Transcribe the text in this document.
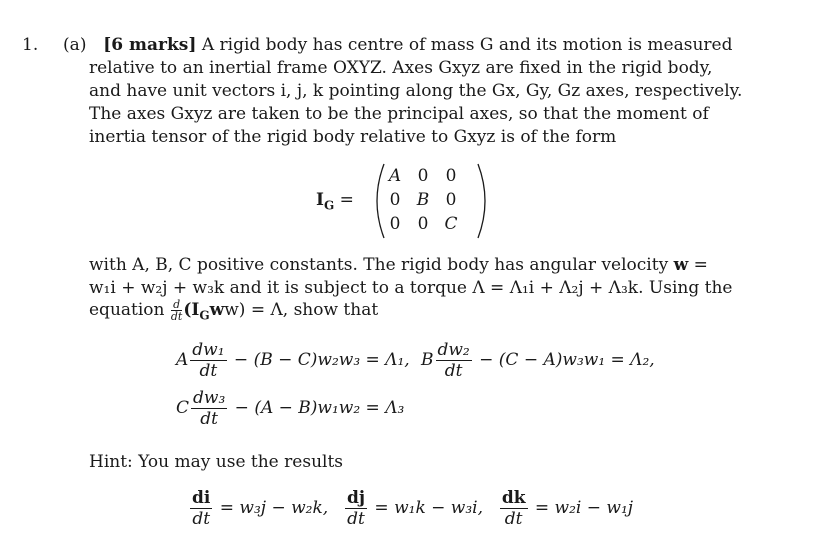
1. (a) [6 marks] A rigid body has centre of mass G and its motion is measured
relative to an inertial frame OXYZ. Axes Gxyz are fixed in the rigid body,
and have unit vectors i, j, k pointing along the Gx, Gy, Gz axes, respectively.
The axes Gxyz are taken to be the principal axes, so that the moment of
inertia tensor of the rigid body relative to Gxyz is of the form
$I_G$ =
A 0	0
0 B 0
0	0 C
with A, B, C positive constants. The rigid body has angular velocity w =
w₁i + w₂j + w₃k and it is subject to a torque Λ = Λ₁i + Λ₂j + Λ₃k. Using the
equation $\frac{d}{dt} (I_Gww) = \Lambda$, show that
A $\frac{\text{dw₁}}{dt} - (B - C)w_2w_3 = \Lambda_1$, B $\frac{\text{dw₂}}{dt} - (C - A)w_3w_1 = \Lambda_2$,
C $\frac{\text{dw₃}}{dt} - (A - B)w_1w_2 = \Lambda_3$
Hint: You may use the results
$\frac{di}{dt} = w_3j - w_2k$, $\frac{dj}{dt} = w_1k - w_3i$, $\frac{dk}{dt} = w_2i - w_1j$
